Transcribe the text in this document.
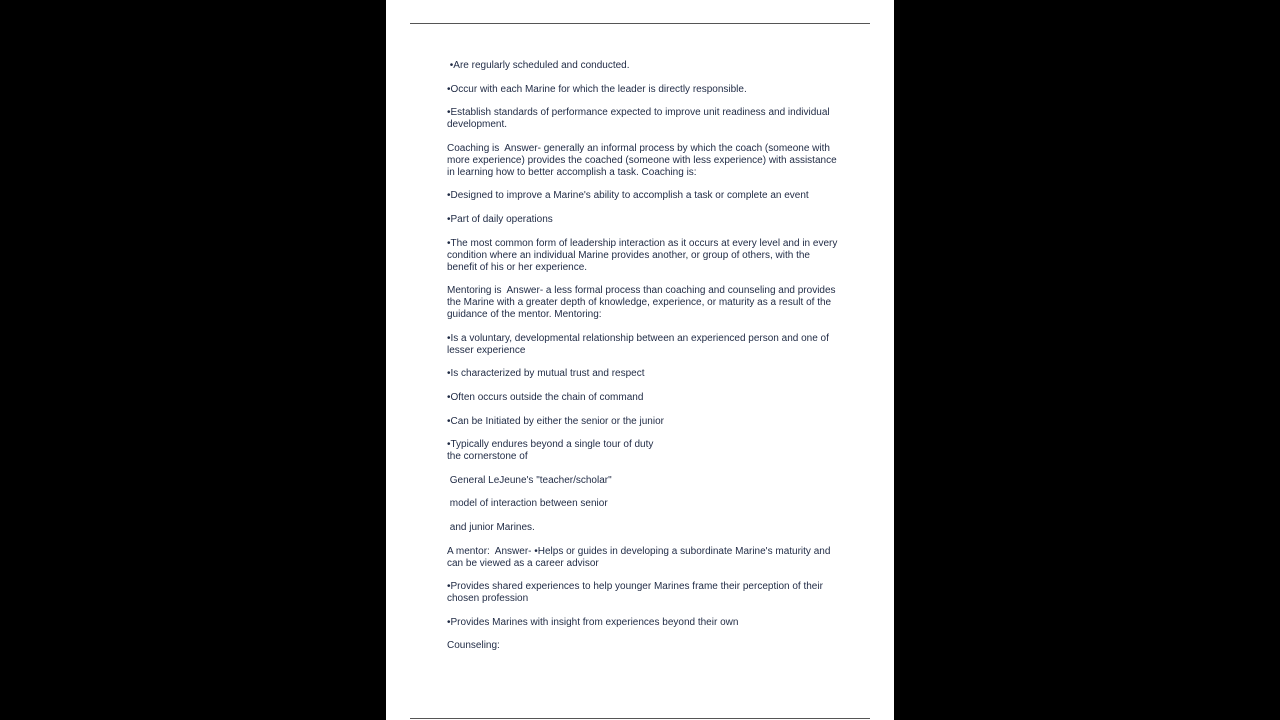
•Are regularly scheduled and conducted.

•Occur with each Marine for which the leader is directly responsible.

•Establish standards of performance expected to improve unit readiness and individual development.

Coaching is  Answer- generally an informal process by which the coach (someone with more experience) provides the coached (someone with less experience) with assistance in learning how to better accomplish a task. Coaching is:

•Designed to improve a Marine's ability to accomplish a task or complete an event

•Part of daily operations

•The most common form of leadership interaction as it occurs at every level and in every condition where an individual Marine provides another, or group of others, with the benefit of his or her experience.

Mentoring is  Answer- a less formal process than coaching and counseling and provides the Marine with a greater depth of knowledge, experience, or maturity as a result of the guidance of the mentor. Mentoring:

•Is a voluntary, developmental relationship between an experienced person and one of lesser experience

•Is characterized by mutual trust and respect

•Often occurs outside the chain of command

•Can be Initiated by either the senior or the junior

•Typically endures beyond a single tour of duty

the cornerstone of

General LeJeune's "teacher/scholar"

model of interaction between senior

and junior Marines.

A mentor:  Answer- •Helps or guides in developing a subordinate Marine's maturity and can be viewed as a career advisor

•Provides shared experiences to help younger Marines frame their perception of their chosen profession

•Provides Marines with insight from experiences beyond their own

Counseling:
